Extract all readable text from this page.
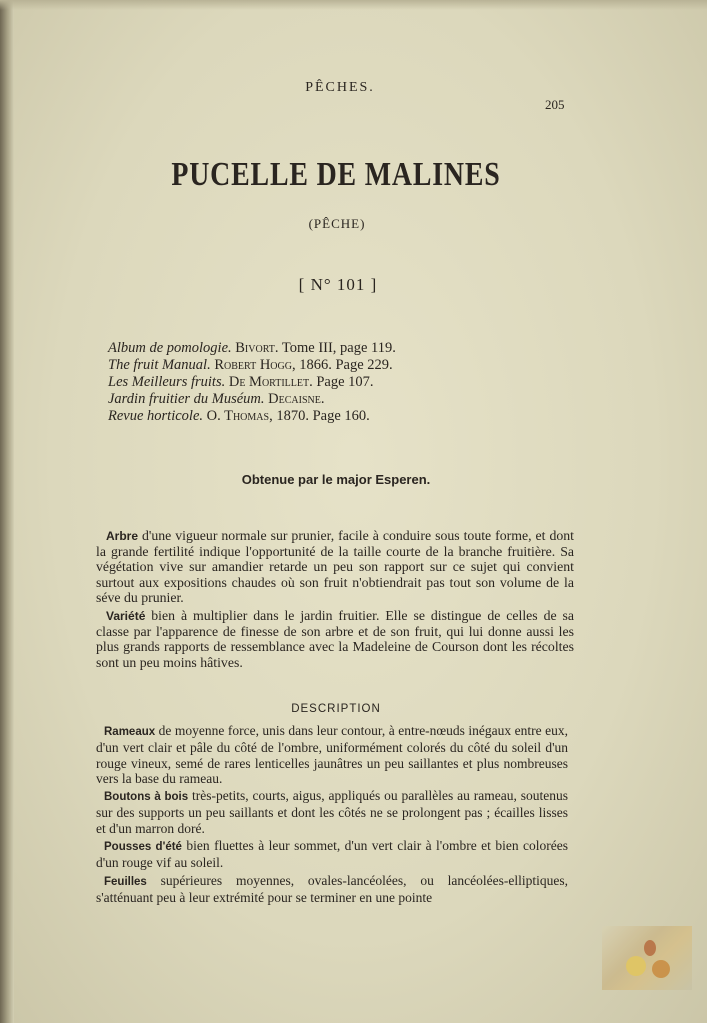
PÊCHES.
205
PUCELLE DE MALINES
(PÊCHE)
[ N° 101 ]
Album de pomologie. Bivort. Tome III, page 119.
The fruit Manual. Robert Hogg, 1866. Page 229.
Les Meilleurs fruits. De Mortillet. Page 107.
Jardin fruitier du Muséum. Decaisne.
Revue horticole. O. Thomas, 1870. Page 160.
Obtenue par le major Esperen.

Arbre d'une vigueur normale sur prunier, facile à conduire sous toute forme, et dont la grande fertilité indique l'opportunité de la taille courte de la branche fruitière. Sa végétation vive sur amandier retarde un peu son rapport sur ce sujet qui convient surtout aux expositions chaudes où son fruit n'obtiendrait pas tout son volume de la séve du prunier.

Variété bien à multiplier dans le jardin fruitier. Elle se distingue de celles de sa classe par l'apparence de finesse de son arbre et de son fruit, qui lui donne aussi les plus grands rapports de ressemblance avec la Madeleine de Courson dont les récoltes sont un peu moins hâtives.

DESCRIPTION

Rameaux de moyenne force, unis dans leur contour, à entre-nœuds inégaux entre eux, d'un vert clair et pâle du côté de l'ombre, uniformément colorés du côté du soleil d'un rouge vineux, semé de rares lenticelles jaunâtres un peu saillantes et plus nombreuses vers la base du rameau.

Boutons à bois très-petits, courts, aigus, appliqués ou parallèles au rameau, soutenus sur des supports un peu saillants et dont les côtés ne se prolongent pas ; écailles lisses et d'un marron doré.

Pousses d'été bien fluettes à leur sommet, d'un vert clair à l'ombre et bien colorées d'un rouge vif au soleil.

Feuilles supérieures moyennes, ovales-lancéolées, ou lancéolées-elliptiques, s'atténuant peu à leur extrémité pour se terminer en une pointe
